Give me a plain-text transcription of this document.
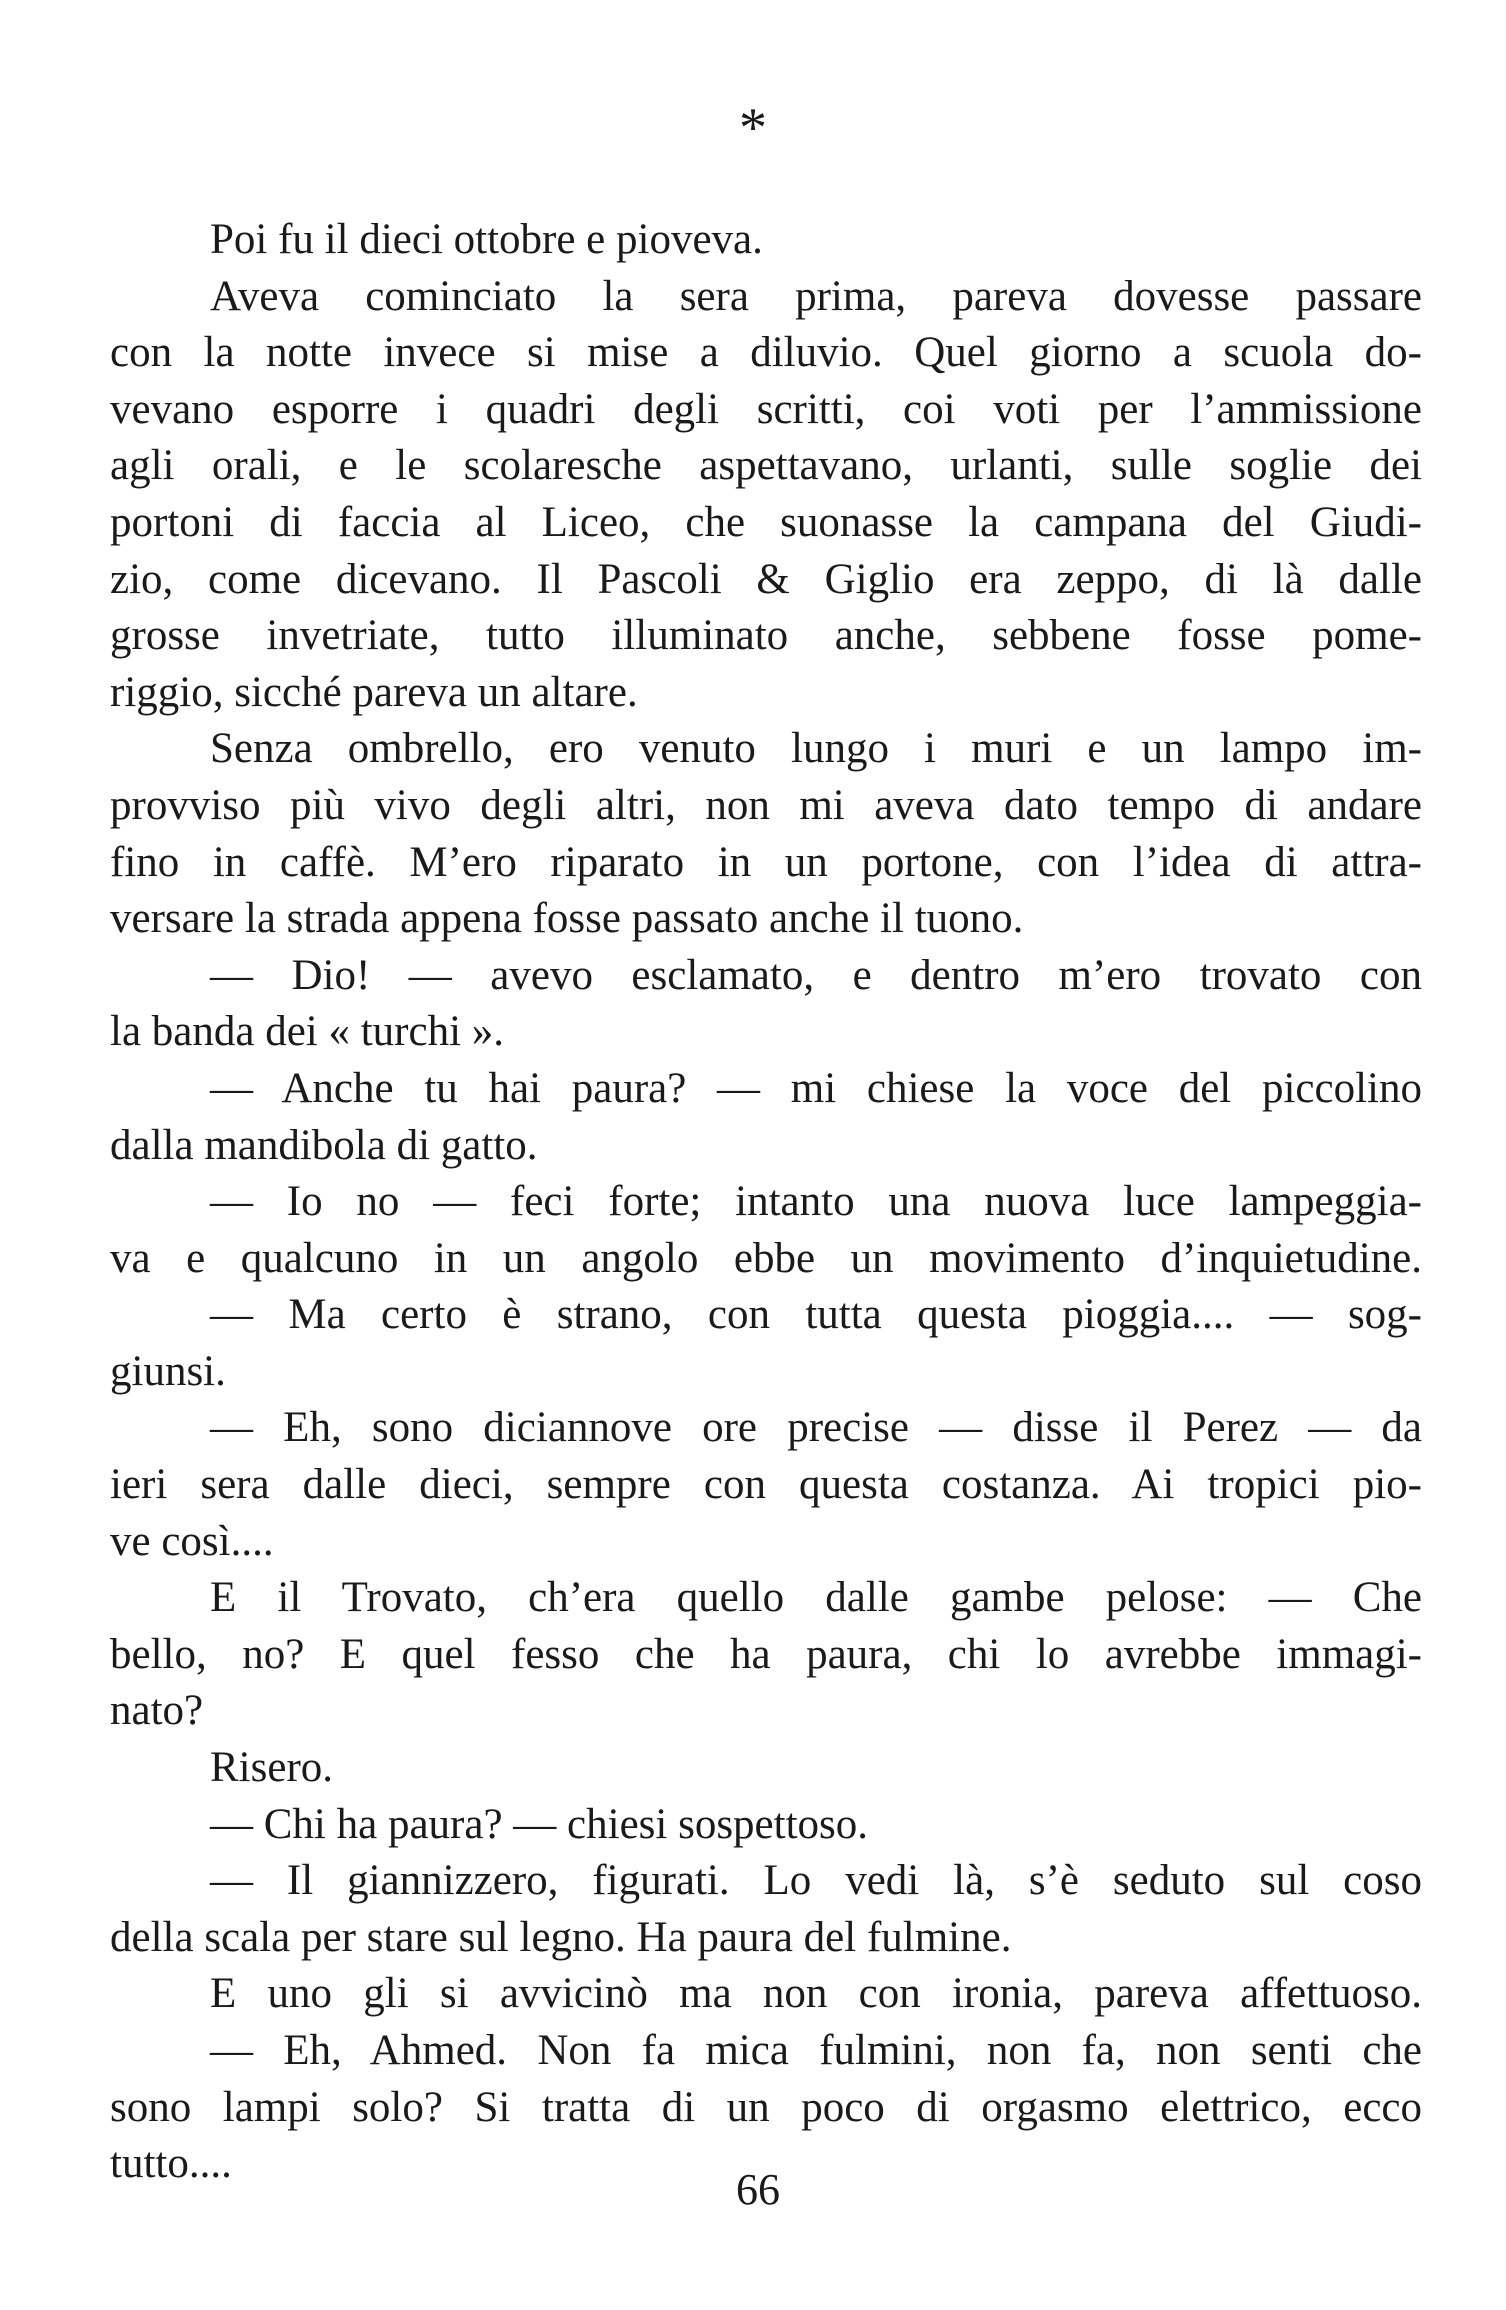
*
Poi fu il dieci ottobre e pioveva.
Aveva cominciato la sera prima, pareva dovesse passare
con la notte invece si mise a diluvio. Quel giorno a scuola do-
vevano esporre i quadri degli scritti, coi voti per l’ammissione
agli orali, e le scolaresche aspettavano, urlanti, sulle soglie dei
portoni di faccia al Liceo, che suonasse la campana del Giudi-
zio, come dicevano. Il Pascoli & Giglio era zeppo, di là dalle
grosse invetriate, tutto illuminato anche, sebbene fosse pome-
riggio, sicché pareva un altare.
Senza ombrello, ero venuto lungo i muri e un lampo im-
provviso più vivo degli altri, non mi aveva dato tempo di andare
fino in caffè. M’ero riparato in un portone, con l’idea di attra-
versare la strada appena fosse passato anche il tuono.
— Dio! — avevo esclamato, e dentro m’ero trovato con
la banda dei « turchi ».
— Anche tu hai paura? — mi chiese la voce del piccolino
dalla mandibola di gatto.
— Io no — feci forte; intanto una nuova luce lampeggia-
va e qualcuno in un angolo ebbe un movimento d’inquietudine.
— Ma certo è strano, con tutta questa pioggia.... — sog-
giunsi.
— Eh, sono diciannove ore precise — disse il Perez — da
ieri sera dalle dieci, sempre con questa costanza. Ai tropici pio-
ve così....
E il Trovato, ch’era quello dalle gambe pelose: — Che
bello, no? E quel fesso che ha paura, chi lo avrebbe immagi-
nato?
Risero.
— Chi ha paura? — chiesi sospettoso.
— Il giannizzero, figurati. Lo vedi là, s’è seduto sul coso
della scala per stare sul legno. Ha paura del fulmine.
E uno gli si avvicinò ma non con ironia, pareva affettuoso.
— Eh, Ahmed. Non fa mica fulmini, non fa, non senti che
sono lampi solo? Si tratta di un poco di orgasmo elettrico, ecco
tutto....
66
